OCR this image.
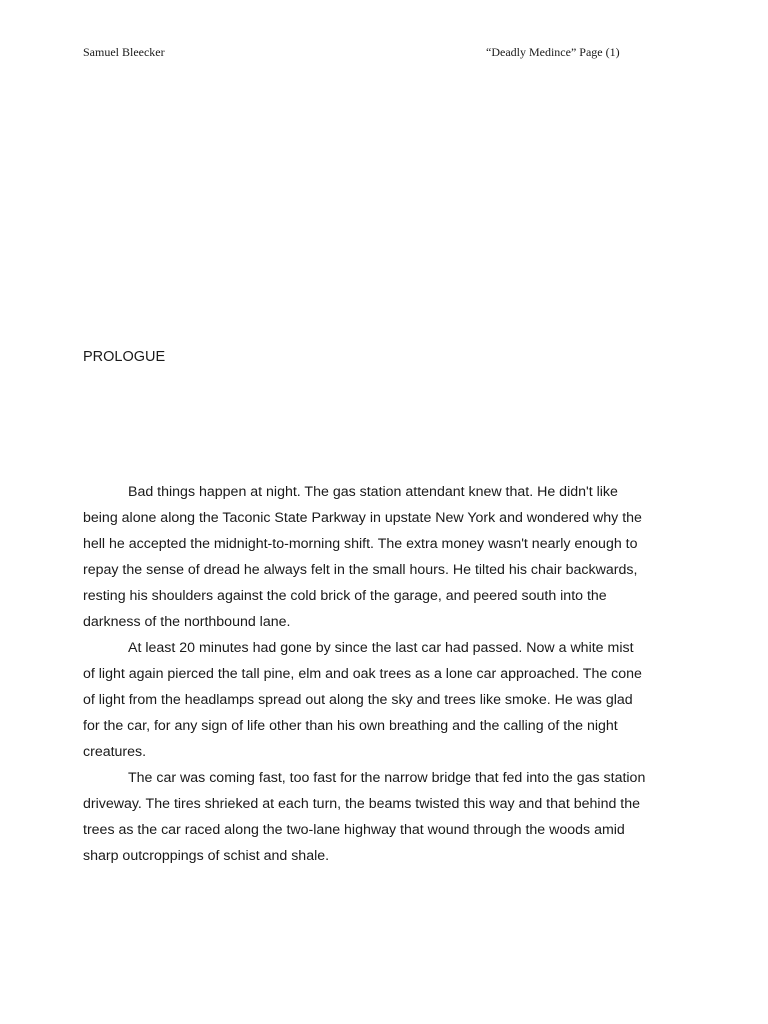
Samuel Bleecker	“Deadly Medince” Page (1)
PROLOGUE
Bad things happen at night. The gas station attendant knew that. He didn't like
being alone along the Taconic State Parkway in upstate New York and wondered why the
hell he accepted the midnight-to-morning shift. The extra money wasn't nearly enough to
repay the sense of dread he always felt in the small hours. He tilted his chair backwards,
resting his shoulders against the cold brick of the garage, and peered south into the
darkness of the northbound lane.
At least 20 minutes had gone by since the last car had passed. Now a white mist
of light again pierced the tall pine, elm and oak trees as a lone car approached. The cone
of light from the headlamps spread out along the sky and trees like smoke. He was glad
for the car, for any sign of life other than his own breathing and the calling of the night
creatures.
The car was coming fast, too fast for the narrow bridge that fed into the gas station
driveway. The tires shrieked at each turn, the beams twisted this way and that behind the
trees as the car raced along the two-lane highway that wound through the woods amid
sharp outcroppings of schist and shale.
